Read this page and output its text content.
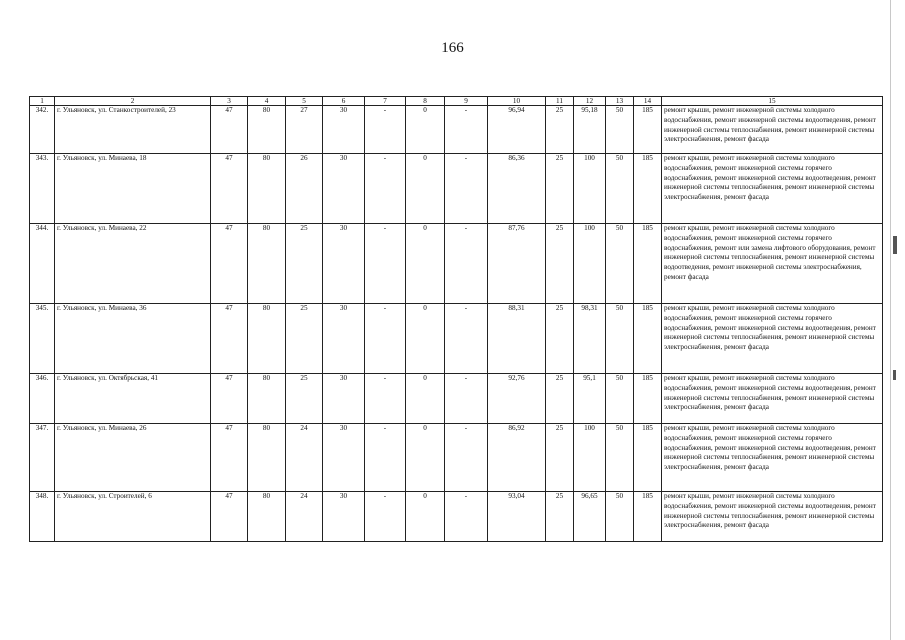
166
1	2	3	4	5	6	7	8	9	10	11	12	13	14	15
342.	г. Ульяновск, ул. Станкостроителей, 23	47	80	27	30	-	0	-	96,94	25	95,18	50	185	ремонт крыши, ремонт инженерной системы холодного водоснабжения, ремонт инженерной системы водоотведения, ремонт инженерной системы теплоснабжения, ремонт инженерной системы электроснабжения, ремонт фасада
343.	г. Ульяновск, ул. Минаева, 18	47	80	26	30	-	0	-	86,36	25	100	50	185	ремонт крыши, ремонт инженерной системы холодного водоснабжения, ремонт инженерной системы горячего водоснабжения, ремонт инженерной системы водоотведения, ремонт инженерной системы теплоснабжения, ремонт инженерной системы электроснабжения, ремонт фасада
344.	г. Ульяновск, ул. Минаева, 22	47	80	25	30	-	0	-	87,76	25	100	50	185	ремонт крыши, ремонт инженерной системы холодного водоснабжения, ремонт инженерной системы горячего водоснабжения, ремонт или замена лифтового оборудования, ремонт инженерной системы теплоснабжения, ремонт инженерной системы водоотведения, ремонт инженерной системы электроснабжения, ремонт фасада
345.	г. Ульяновск, ул. Минаева, 36	47	80	25	30	-	0	-	88,31	25	98,31	50	185	ремонт крыши, ремонт инженерной системы холодного водоснабжения, ремонт инженерной системы горячего водоснабжения, ремонт инженерной системы водоотведения, ремонт инженерной системы теплоснабжения, ремонт инженерной системы электроснабжения, ремонт фасада
346.	г. Ульяновск, ул. Октябрьская, 41	47	80	25	30	-	0	-	92,76	25	95,1	50	185	ремонт крыши, ремонт инженерной системы холодного водоснабжения, ремонт инженерной системы водоотведения, ремонт инженерной системы теплоснабжения, ремонт инженерной системы электроснабжения, ремонт фасада
347.	г. Ульяновск, ул. Минаева, 26	47	80	24	30	-	0	-	86,92	25	100	50	185	ремонт крыши, ремонт инженерной системы холодного водоснабжения, ремонт инженерной системы горячего водоснабжения, ремонт инженерной системы водоотведения, ремонт инженерной системы теплоснабжения, ремонт инженерной системы электроснабжения, ремонт фасада
348.	г. Ульяновск, ул. Строителей, 6	47	80	24	30	-	0	-	93,04	25	96,65	50	185	ремонт крыши, ремонт инженерной системы холодного водоснабжения, ремонт инженерной системы водоотведения, ремонт инженерной системы теплоснабжения, ремонт инженерной системы электроснабжения, ремонт фасада
